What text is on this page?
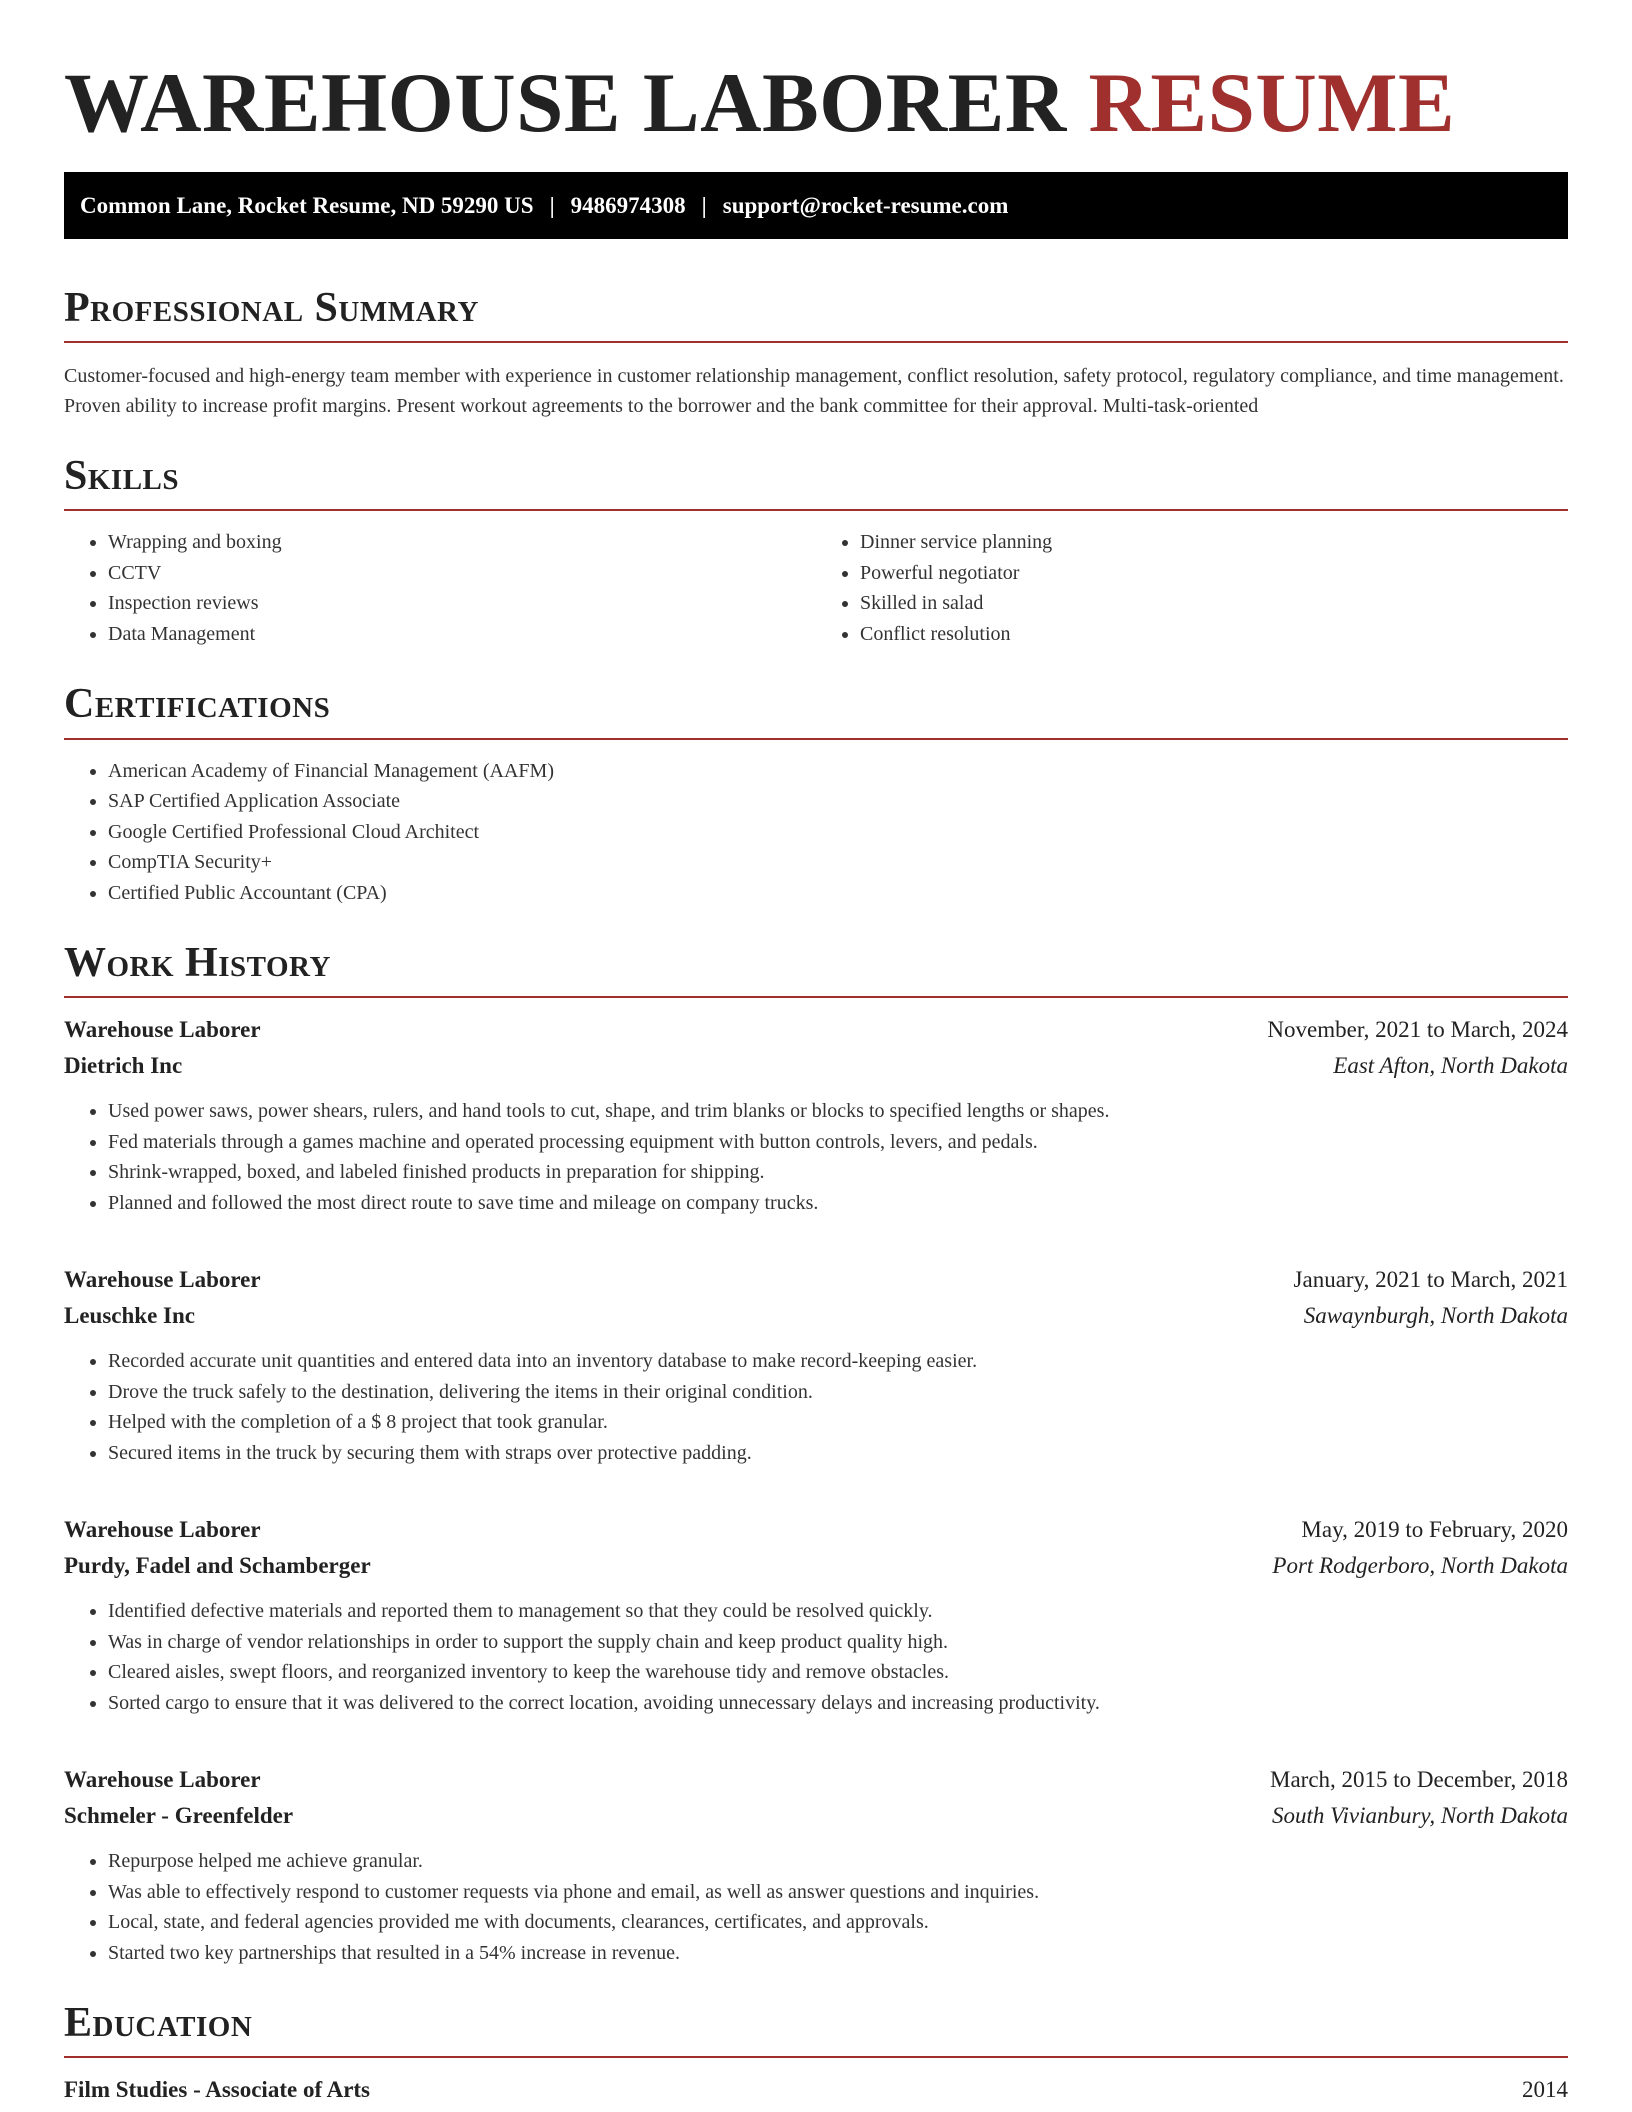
WAREHOUSE LABORER RESUME
Common Lane, Rocket Resume, ND 59290 US | 9486974308 | support@rocket-resume.com
Professional Summary

Customer-focused and high-energy team member with experience in customer relationship management, conflict resolution, safety protocol, regulatory compliance, and time management. Proven ability to increase profit margins. Present workout agreements to the borrower and the bank committee for their approval. Multi-task-oriented

Skills
• Wrapping and boxing
• CCTV
• Inspection reviews
• Data Management
• Dinner service planning
• Powerful negotiator
• Skilled in salad
• Conflict resolution
Certifications
• American Academy of Financial Management (AAFM)
• SAP Certified Application Associate
• Google Certified Professional Cloud Architect
• CompTIA Security+
• Certified Public Accountant (CPA)
Work History
Warehouse Laborer	November, 2021 to March, 2024
Dietrich Inc	East Afton, North Dakota
• Used power saws, power shears, rulers, and hand tools to cut, shape, and trim blanks or blocks to specified lengths or shapes.
• Fed materials through a games machine and operated processing equipment with button controls, levers, and pedals.
• Shrink-wrapped, boxed, and labeled finished products in preparation for shipping.
• Planned and followed the most direct route to save time and mileage on company trucks.
Warehouse Laborer	January, 2021 to March, 2021
Leuschke Inc	Sawaynburgh, North Dakota
• Recorded accurate unit quantities and entered data into an inventory database to make record-keeping easier.
• Drove the truck safely to the destination, delivering the items in their original condition.
• Helped with the completion of a $ 8 project that took granular.
• Secured items in the truck by securing them with straps over protective padding.
Warehouse Laborer	May, 2019 to February, 2020
Purdy, Fadel and Schamberger	Port Rodgerboro, North Dakota
• Identified defective materials and reported them to management so that they could be resolved quickly.
• Was in charge of vendor relationships in order to support the supply chain and keep product quality high.
• Cleared aisles, swept floors, and reorganized inventory to keep the warehouse tidy and remove obstacles.
• Sorted cargo to ensure that it was delivered to the correct location, avoiding unnecessary delays and increasing productivity.
Warehouse Laborer	March, 2015 to December, 2018
Schmeler - Greenfelder	South Vivianbury, North Dakota
• Repurpose helped me achieve granular.
• Was able to effectively respond to customer requests via phone and email, as well as answer questions and inquiries.
• Local, state, and federal agencies provided me with documents, clearances, certificates, and approvals.
• Started two key partnerships that resulted in a 54% increase in revenue.
Education
Film Studies - Associate of Arts	2014
